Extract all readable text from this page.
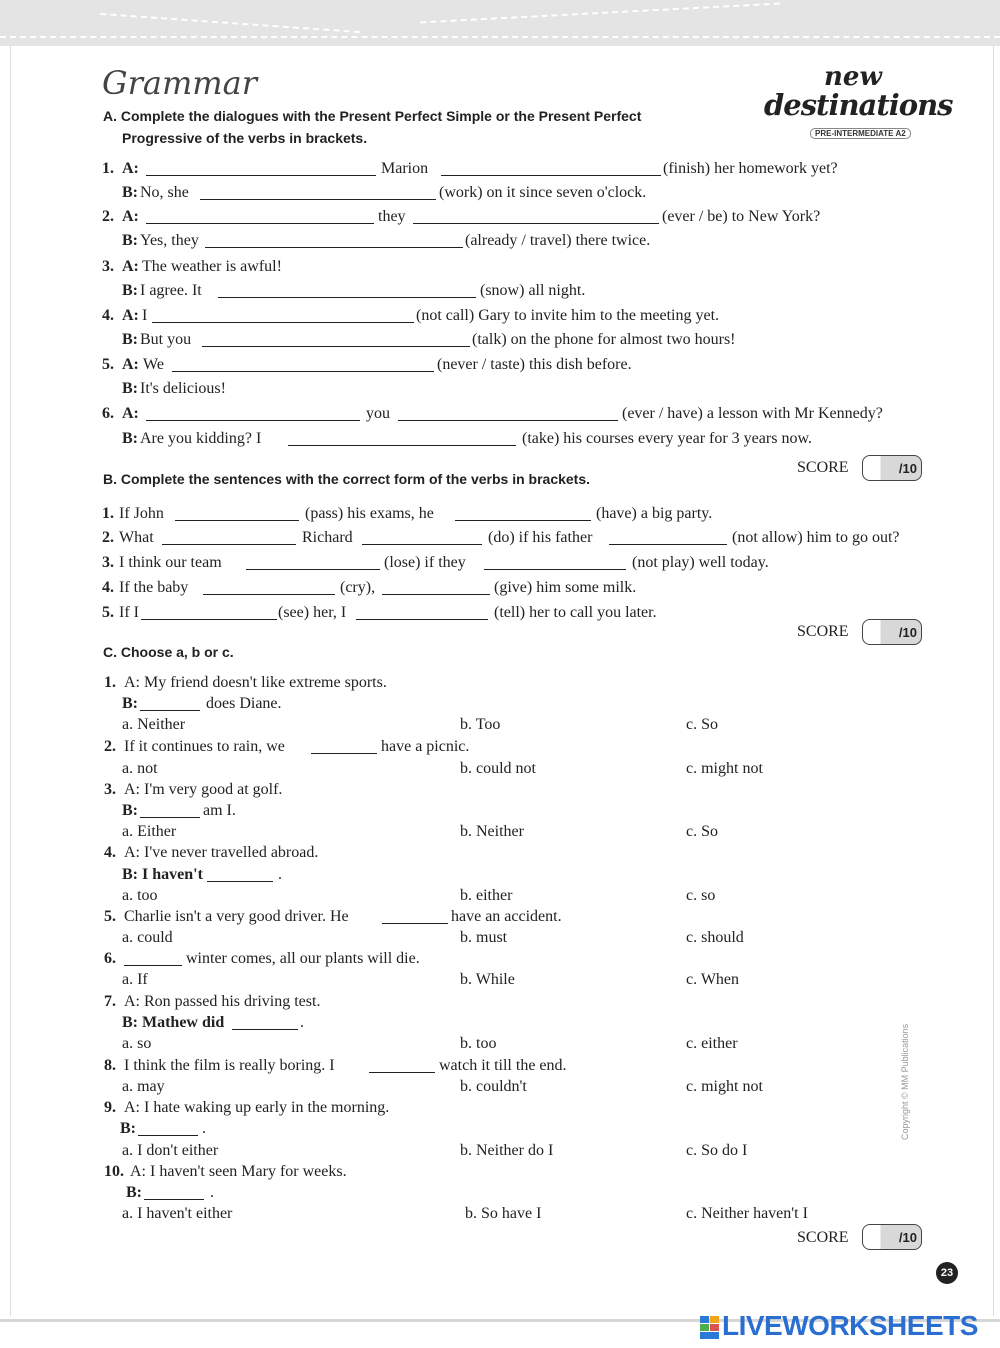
Grammar	new
destinations
PRE-INTERMEDIATE A2
A. Complete the dialogues with the Present Perfect Simple or the Present Perfect
Progressive of the verbs in brackets.
B. Complete the sentences with the correct form of the verbs in brackets.
SCORE	/10
SCORE	/10
SCORE	/10
C. Choose a, b or c.
Copyright © MM Publications
23
LIVEWORKSHEETS
1. A:	Marion	(finish) her homework yet?
B: No, she	(work) on it since seven o'clock.
2. A:	they	(ever / be) to New York?
B: Yes, they	(already / travel) there twice.
3. A: The weather is awful!
B: I agree. It	(snow) all night.
4. A: I	(not call) Gary to invite him to the meeting yet.
B: But you	(talk) on the phone for almost two hours!
5. A: We	(never / taste) this dish before.
B: It's delicious!
6. A:	you	(ever / have) a lesson with Mr Kennedy?
B: Are you kidding? I	(take) his courses every year for 3 years now.
1. If John	(pass) his exams, he	(have) a big party.
2. What	Richard	(do) if his father	(not allow) him to go out?
3. I think our team	(lose) if they	(not play) well today.
4. If the baby	(cry),	(give) him some milk.
5. If I	(see) her, I	(tell) her to call you later.
1. A: My friend doesn't like extreme sports.
B:	does Diane.
a. Neither	b. Too	c. So
2. If it continues to rain, we	have a picnic.
a. not	b. could not	c. might not
3. A: I'm very good at golf.
B:	am I.
a. Either	b. Neither	c. So
4. A: I've never travelled abroad.
B: I haven't	.
a. too	b. either	c. so
5. Charlie isn't a very good driver. He	have an accident.
a. could	b. must	c. should
6.	winter comes, all our plants will die.
a. If	b. While	c. When
7. A: Ron passed his driving test.
B: Mathew did	.
a. so	b. too	c. either
8. I think the film is really boring. I	watch it till the end.
a. may	b. couldn't	c. might not
9. A: I hate waking up early in the morning.
B:	.
a. I don't either	b. Neither do I	c. So do I
10. A: I haven't seen Mary for weeks.
B:	.
a. I haven't either	b. So have I	c. Neither haven't I
